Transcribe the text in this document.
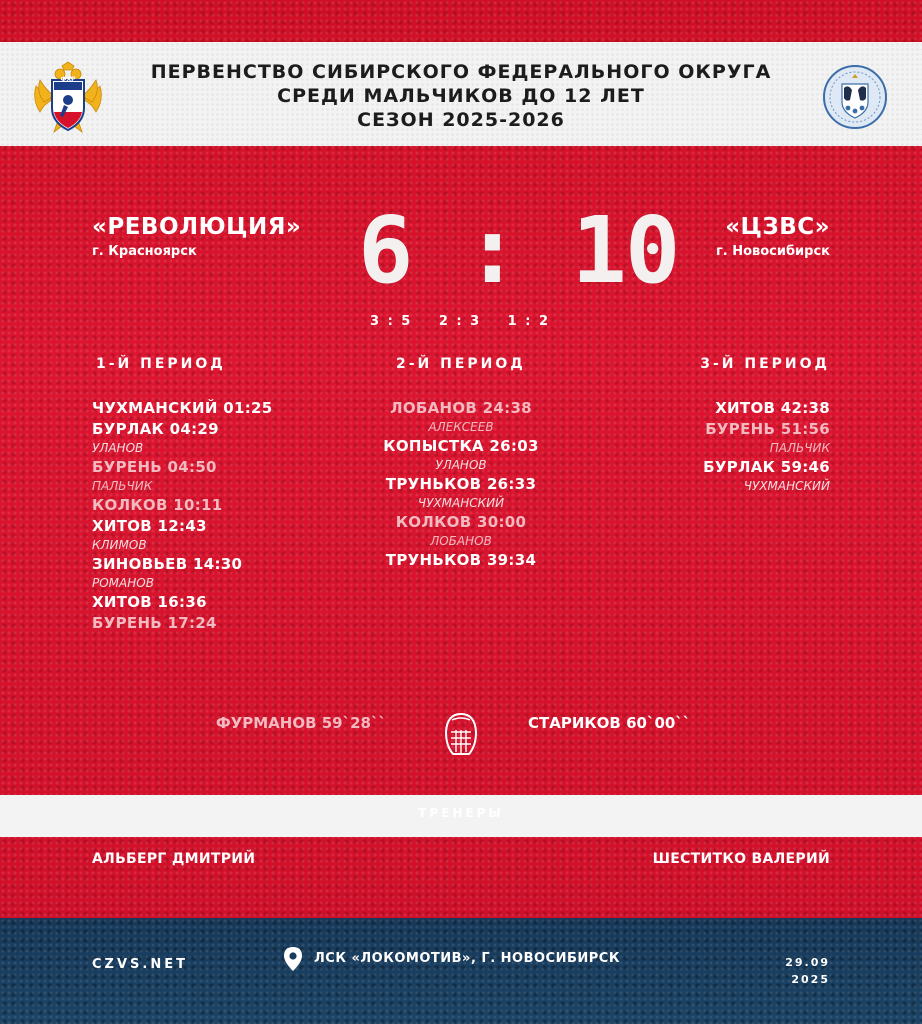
ФХР	ПЕРВЕНСТВО СИБИРСКОГО ФЕДЕРАЛЬНОГО ОКРУГА
СРЕДИ МАЛЬЧИКОВ ДО 12 ЛЕТ
СЕЗОН 2025-2026
«РЕВОЛЮЦИЯ»
г. Красноярск
«ЦЗВС»
г. Новосибирск
6 : 10
3 : 5 2 : 3 1 : 2
1-Й ПЕРИОД	2-Й ПЕРИОД	3-Й ПЕРИОД
ЧУХМАНСКИЙ 01:25
БУРЛАК 04:29
УЛАНОВ
БУРЕНЬ 04:50
ПАЛЬЧИК
КОЛКОВ 10:11
ХИТОВ 12:43
КЛИМОВ
ЗИНОВЬЕВ 14:30
РОМАНОВ
ХИТОВ 16:36
БУРЕНЬ 17:24
ЛОБАНОВ 24:38
АЛЕКСЕЕВ
КОПЫСТКА 26:03
УЛАНОВ
ТРУНЬКОВ 26:33
ЧУХМАНСКИЙ
КОЛКОВ 30:00
ЛОБАНОВ
ТРУНЬКОВ 39:34
ХИТОВ 42:38
БУРЕНЬ 51:56
ПАЛЬЧИК
БУРЛАК 59:46
ЧУХМАНСКИЙ
ФУРМАНОВ 59`28``	СТАРИКОВ 60`00``
ТРЕНЕРЫ
АЛЬБЕРГ ДМИТРИЙ	ШЕСТИТКО ВАЛЕРИЙ
CZVS.NET	ЛСК «ЛОКОМОТИВ», Г. НОВОСИБИРСК	29.09
2025
